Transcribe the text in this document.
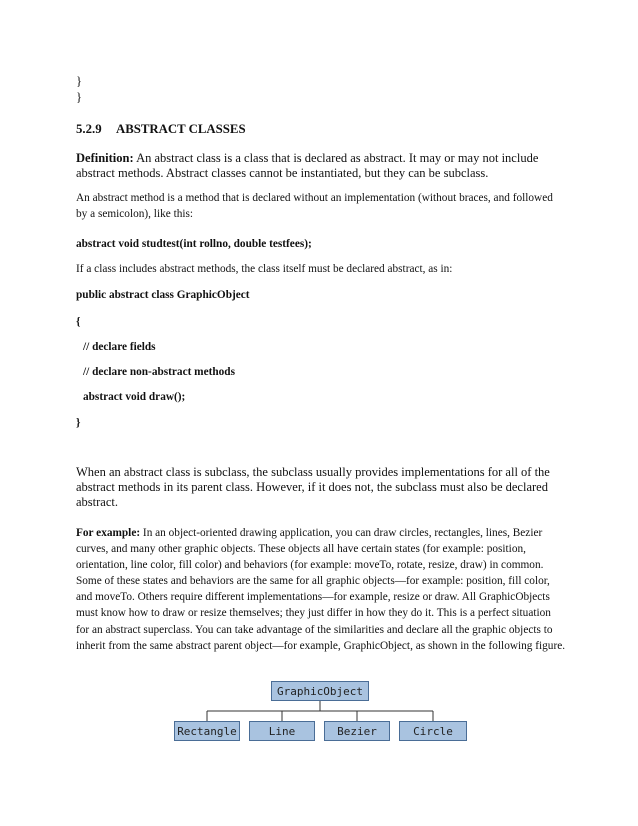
}
}
5.2.9 ABSTRACT CLASSES
Definition: An abstract class is a class that is declared as abstract. It may or may not include abstract methods. Abstract classes cannot be instantiated, but they can be subclass.
An abstract method is a method that is declared without an implementation (without braces, and followed by a semicolon), like this:
abstract void studtest(int rollno, double testfees);
If a class includes abstract methods, the class itself must be declared abstract, as in:
public abstract class GraphicObject
{
// declare fields
// declare non-abstract methods
abstract void draw();
}
When an abstract class is subclass, the subclass usually provides implementations for all of the abstract methods in its parent class. However, if it does not, the subclass must also be declared abstract.
For example: In an object-oriented drawing application, you can draw circles, rectangles, lines, Bezier curves, and many other graphic objects. These objects all have certain states (for example: position, orientation, line color, fill color) and behaviors (for example: moveTo, rotate, resize, draw) in common. Some of these states and behaviors are the same for all graphic objects—for example: position, fill color, and moveTo. Others require different implementations—for example, resize or draw. All GraphicObjects must know how to draw or resize themselves; they just differ in how they do it. This is a perfect situation for an abstract superclass. You can take advantage of the similarities and declare all the graphic objects to inherit from the same abstract parent object—for example, GraphicObject, as shown in the following figure.
GraphicObject
Rectangle	Line	Bezier	Circle
